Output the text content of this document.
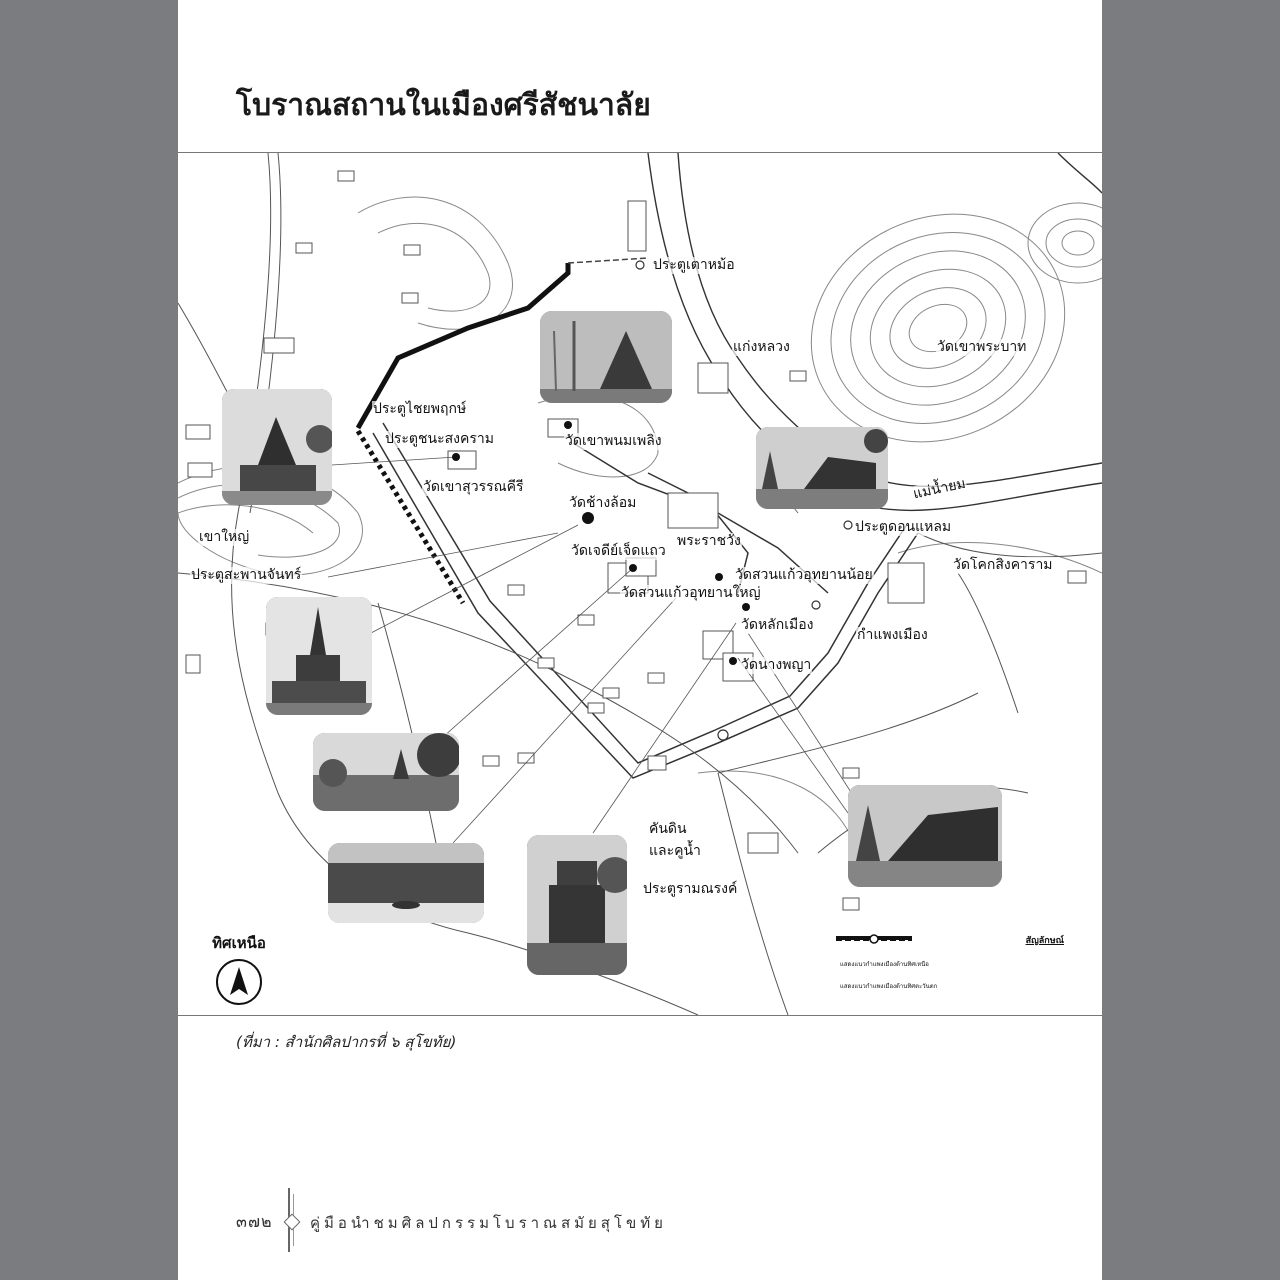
โบราณสถานในเมืองศรีสัชนาลัย
ประตูเตาหม้อ
แก่งหลวง	วัดเขาพระบาท
ประตูไชยพฤกษ์
ประตูชนะสงคราม	วัดเขาพนมเพลิง
วัดเขาสุวรรณคีรี
วัดช้างล้อม
เขาใหญ่
วัดเจดีย์เจ็ดแถว
พระราชวัง
ประตูสะพานจันทร์
แม่น้ำยม
ประตูดอนแหลม
วัดสวนแก้วอุทยานน้อย
วัดโคกสิงคาราม
วัดสวนแก้วอุทยานใหญ่
วัดหลักเมือง
กำแพงเมือง
วัดนางพญา
คันดิน
และคูน้ำ
ประตูรามณรงค์
ทิศเหนือ	สัญลักษณ์
แสดงแนวกำแพงเมืองด้านทิศเหนือ
แสดงแนวกำแพงเมืองด้านทิศตะวันตก
(ที่มา : สำนักศิลปากรที่ ๖ สุโขทัย)
๓๗๒ คู่มือนำชมศิลปกรรมโบราณสมัยสุโขทัย
